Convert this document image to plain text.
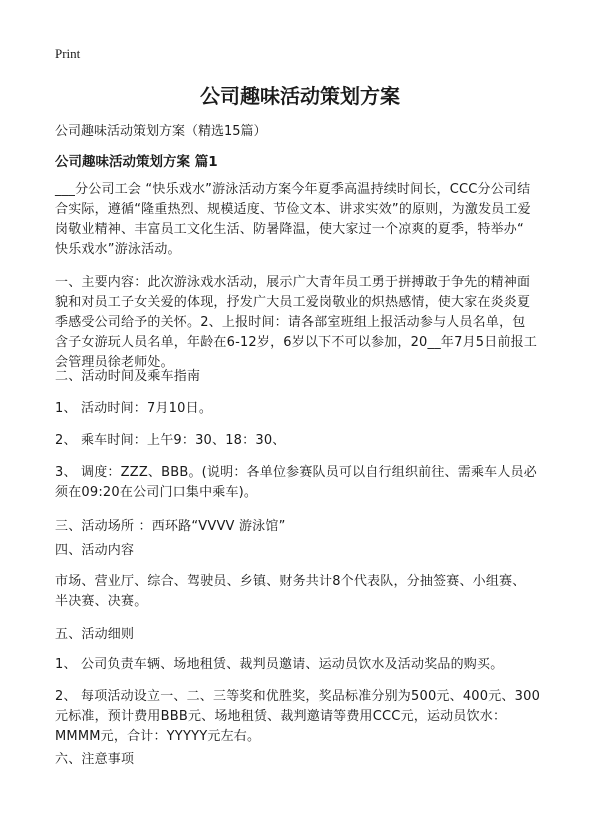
Print
公司趣味活动策划方案
公司趣味活动策划方案（精选15篇）
公司趣味活动策划方案 篇1
___分公司工会 “快乐戏水”游泳活动方案今年夏季高温持续时间长，CCC分公司结
合实际，遵循“隆重热烈、规模适度、节俭文本、讲求实效”的原则，为激发员工爱
岗敬业精神、丰富员工文化生活、防暑降温，使大家过一个凉爽的夏季，特举办“
快乐戏水”游泳活动。
一、主要内容：此次游泳戏水活动，展示广大青年员工勇于拼搏敢于争先的精神面
貌和对员工子女关爱的体现，抒发广大员工爱岗敬业的炽热感情，使大家在炎炎夏
季感受公司给予的关怀。2、上报时间：请各部室班组上报活动参与人员名单，包
含子女游玩人员名单，年龄在6-12岁，6岁以下不可以参加，20__年7月5日前报工
会管理员徐老师处。
二、活动时间及乘车指南
1、 活动时间：7月10日。
2、 乘车时间：上午9：30、18：30、
3、 调度：ZZZ、BBB。(说明：各单位参赛队员可以自行组织前往、需乘车人员必
须在09:20在公司门口集中乘车)。
三、活动场所 ：西环路“VVVV 游泳馆”
四、活动内容
市场、营业厅、综合、驾驶员、乡镇、财务共计8个代表队，分抽签赛、小组赛、
半决赛、决赛。
五、活动细则
1、 公司负责车辆、场地租赁、裁判员邀请、运动员饮水及活动奖品的购买。
2、 每项活动设立一、二、三等奖和优胜奖，奖品标准分别为500元、400元、300
元标准，预计费用BBB元、场地租赁、裁判邀请等费用CCC元，运动员饮水：
MMMM元，合计：YYYYY元左右。
六、注意事项
